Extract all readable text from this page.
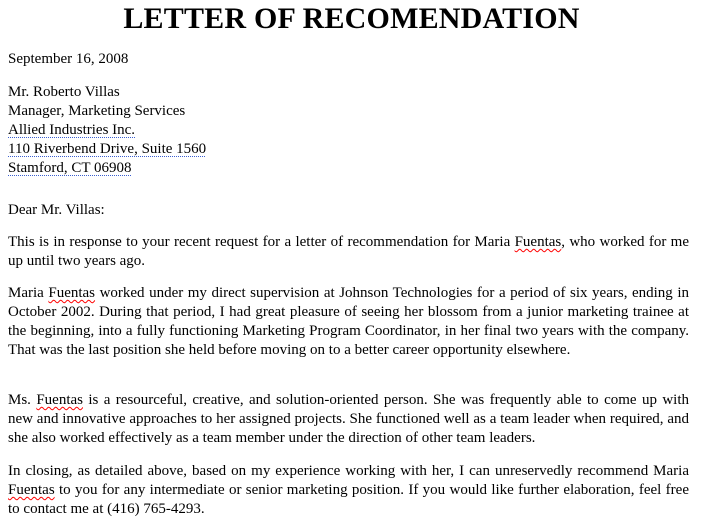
LETTER OF RECOMENDATION
September 16, 2008
Mr. Roberto Villas
Manager, Marketing Services
Allied Industries Inc.
110 Riverbend Drive, Suite 1560
Stamford, CT 06908
Dear Mr. Villas:

This is in response to your recent request for a letter of recommendation for Maria Fuentas, who worked for me up until two years ago.

Maria Fuentas worked under my direct supervision at Johnson Technologies for a period of six years, ending in October 2002. During that period, I had great pleasure of seeing her blossom from a junior marketing trainee at the beginning, into a fully functioning Marketing Program Coordinator, in her final two years with the company. That was the last position she held before moving on to a better career opportunity elsewhere.

Ms. Fuentas is a resourceful, creative, and solution-oriented person. She was frequently able to come up with new and innovative approaches to her assigned projects. She functioned well as a team leader when required, and she also worked effectively as a team member under the direction of other team leaders.

In closing, as detailed above, based on my experience working with her, I can unreservedly recommend Maria Fuentas to you for any intermediate or senior marketing position. If you would like further elaboration, feel free to contact me at (416) 765-4293.
